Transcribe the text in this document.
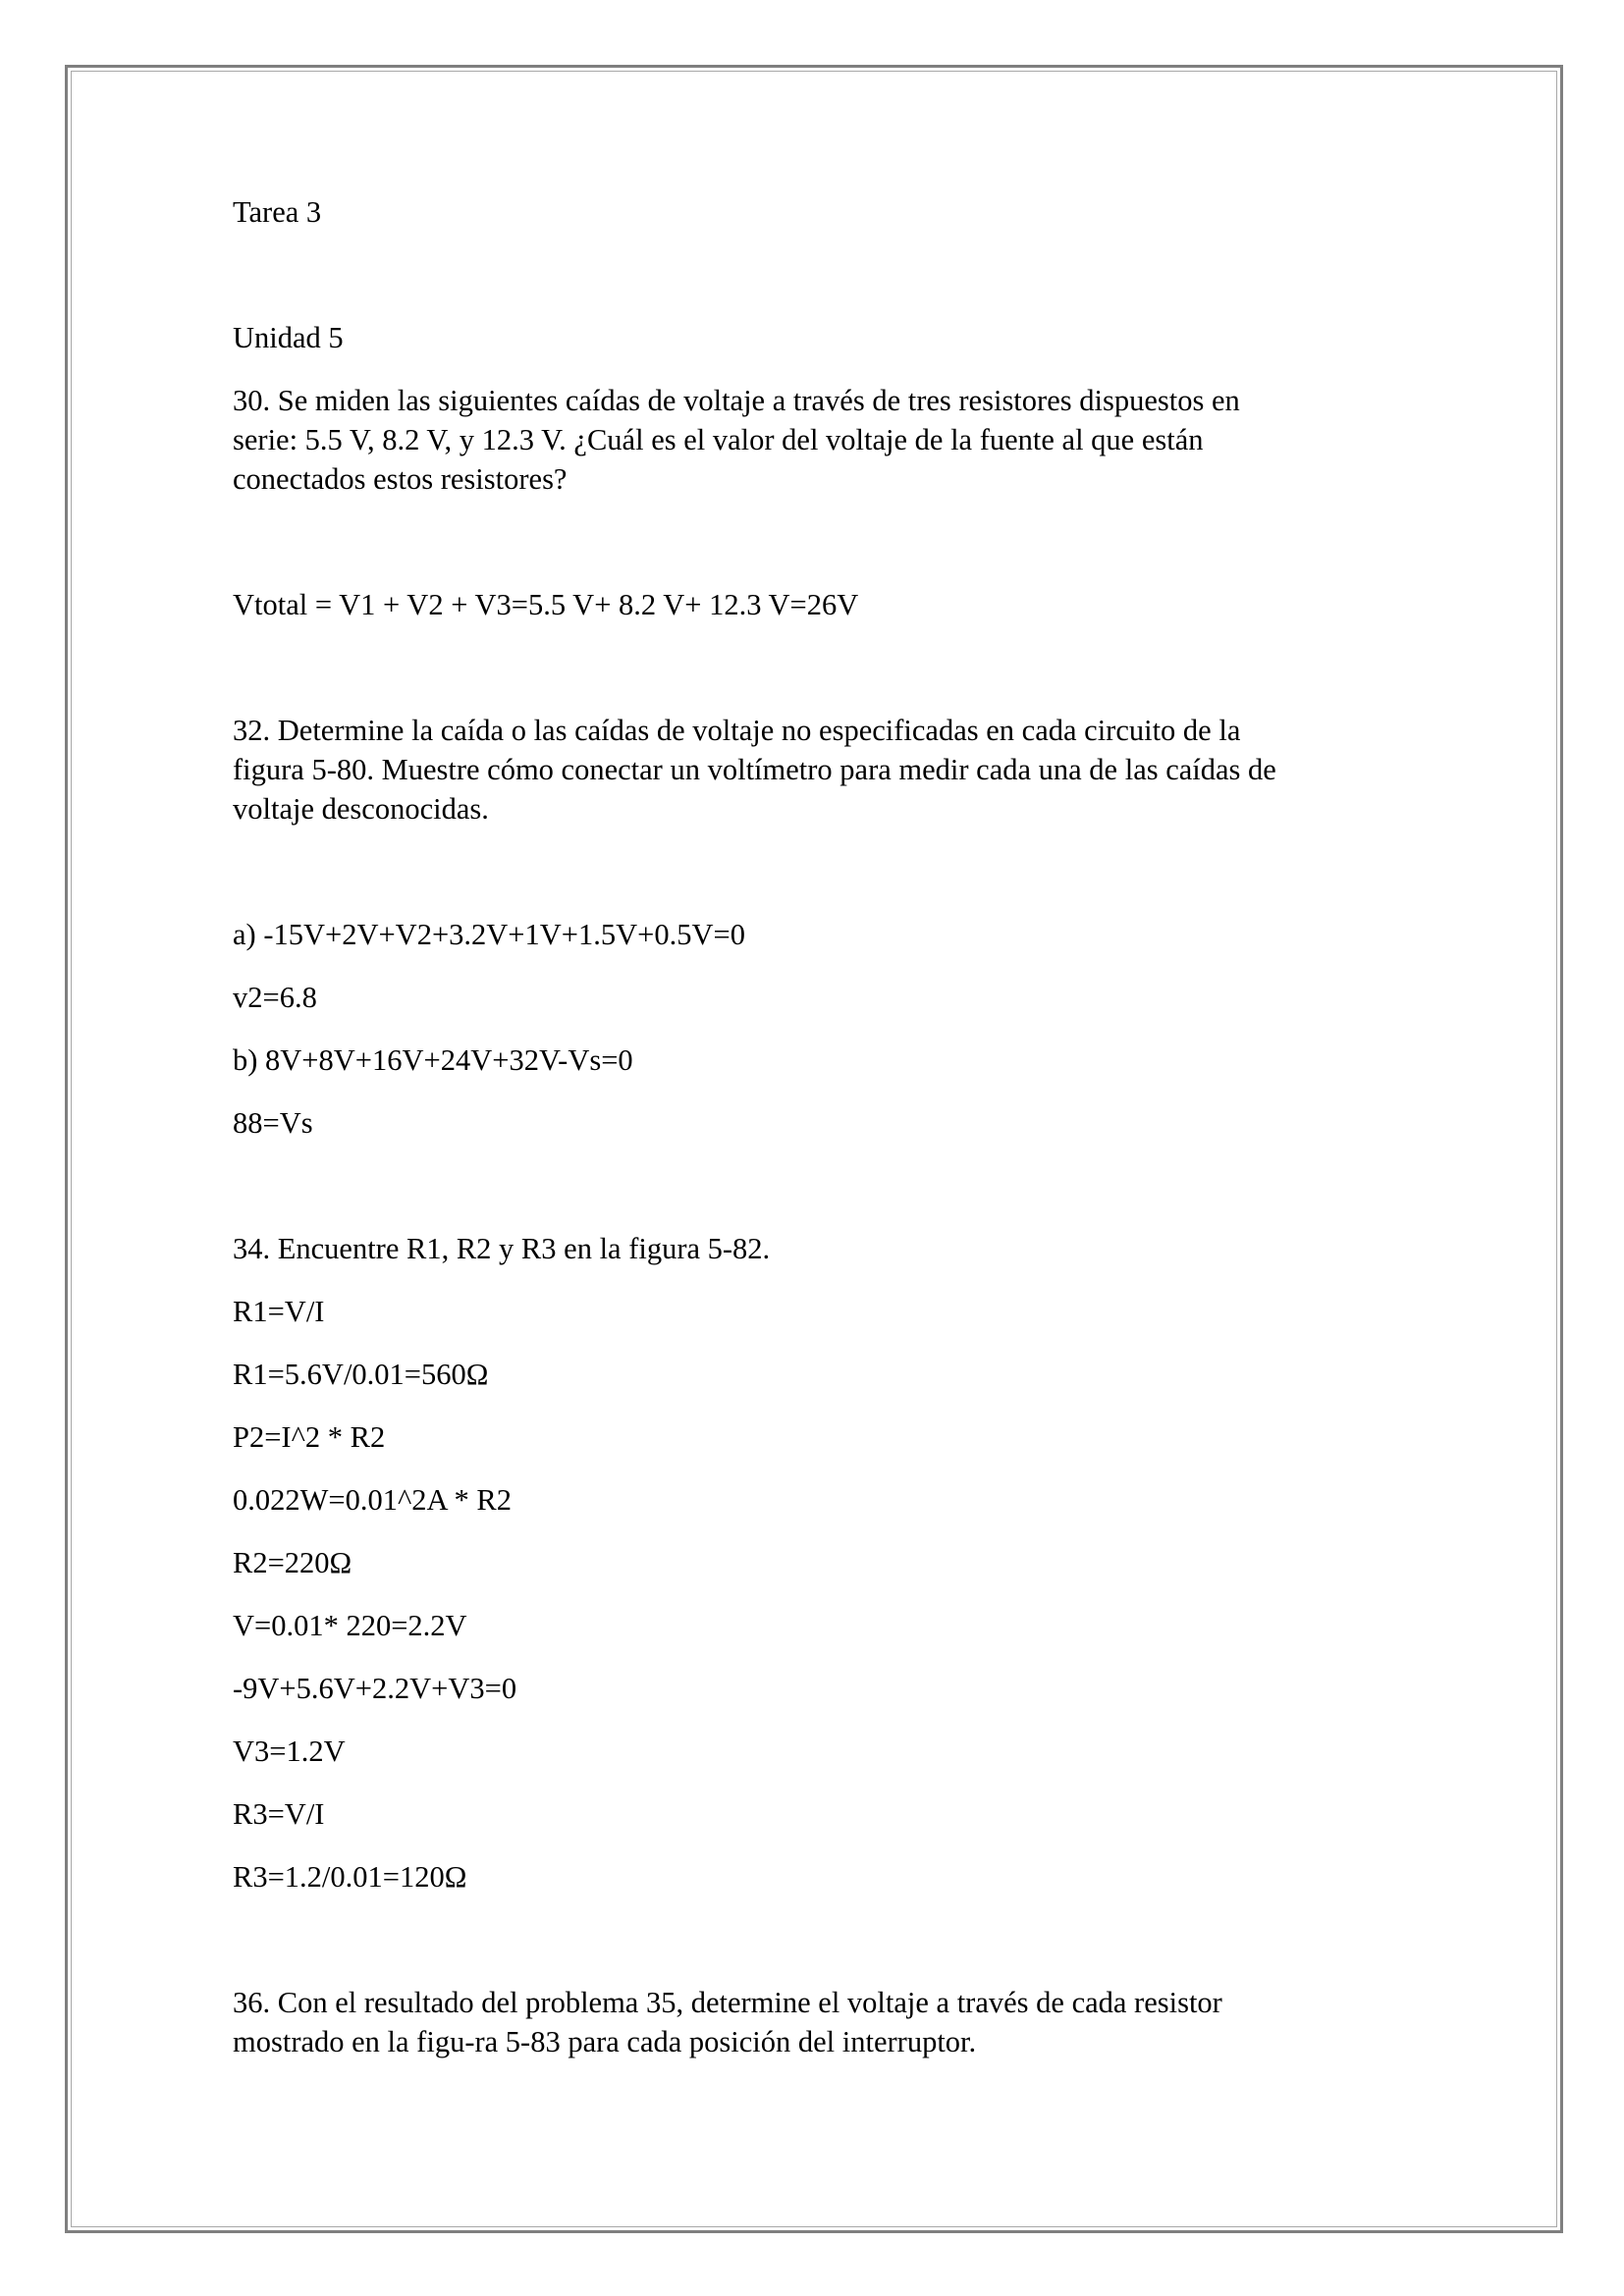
Tarea 3

Unidad 5

30. Se miden las siguientes caídas de voltaje a través de tres resistores dispuestos en

serie: 5.5 V, 8.2 V, y 12.3 V. ¿Cuál es el valor del voltaje de la fuente al que están

conectados estos resistores?

Vtotal = V1 + V2 + V3=5.5 V+ 8.2 V+ 12.3 V=26V

32. Determine la caída o las caídas de voltaje no especificadas en cada circuito de la

figura 5-80. Muestre cómo conectar un voltímetro para medir cada una de las caídas de

voltaje desconocidas.

a) -15V+2V+V2+3.2V+1V+1.5V+0.5V=0

v2=6.8

b) 8V+8V+16V+24V+32V-Vs=0

88=Vs

34. Encuentre R1, R2 y R3 en la figura 5-82.

R1=V/I

R1=5.6V/0.01=560Ω

P2=I^2 * R2

0.022W=0.01^2A * R2

R2=220Ω

V=0.01* 220=2.2V

-9V+5.6V+2.2V+V3=0

V3=1.2V

R3=V/I

R3=1.2/0.01=120Ω

36. Con el resultado del problema 35, determine el voltaje a través de cada resistor

mostrado en la figu-ra 5-83 para cada posición del interruptor.
